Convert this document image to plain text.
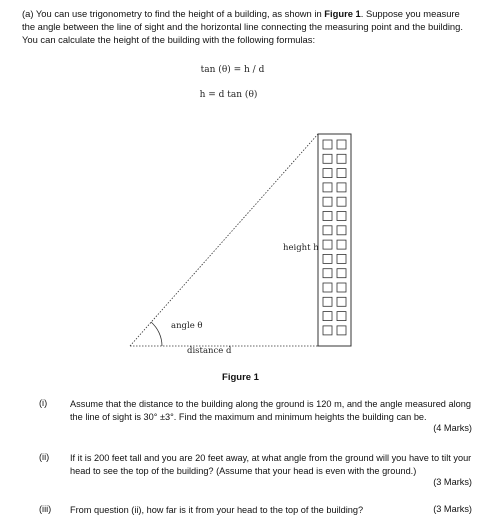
(a) You can use trigonometry to find the height of a building, as shown in Figure 1. Suppose you measure the angle between the line of sight and the horizontal line connecting the measuring point and the building. You can calculate the height of the building with the following formulas:

tan (θ) = h / d
h = d tan (θ)
angle θ
distance d
height h
Figure 1
(i) Assume that the distance to the building along the ground is 120 m, and the angle measured along the line of sight is 30° ±3°. Find the maximum and minimum heights the building can be.
(4 Marks)
(ii) If it is 200 feet tall and you are 20 feet away, at what angle from the ground will you have to tilt your head to see the top of the building? (Assume that your head is even with the ground.)
(3 Marks)
(iii) From question (ii), how far is it from your head to the top of the building?	(3 Marks)
